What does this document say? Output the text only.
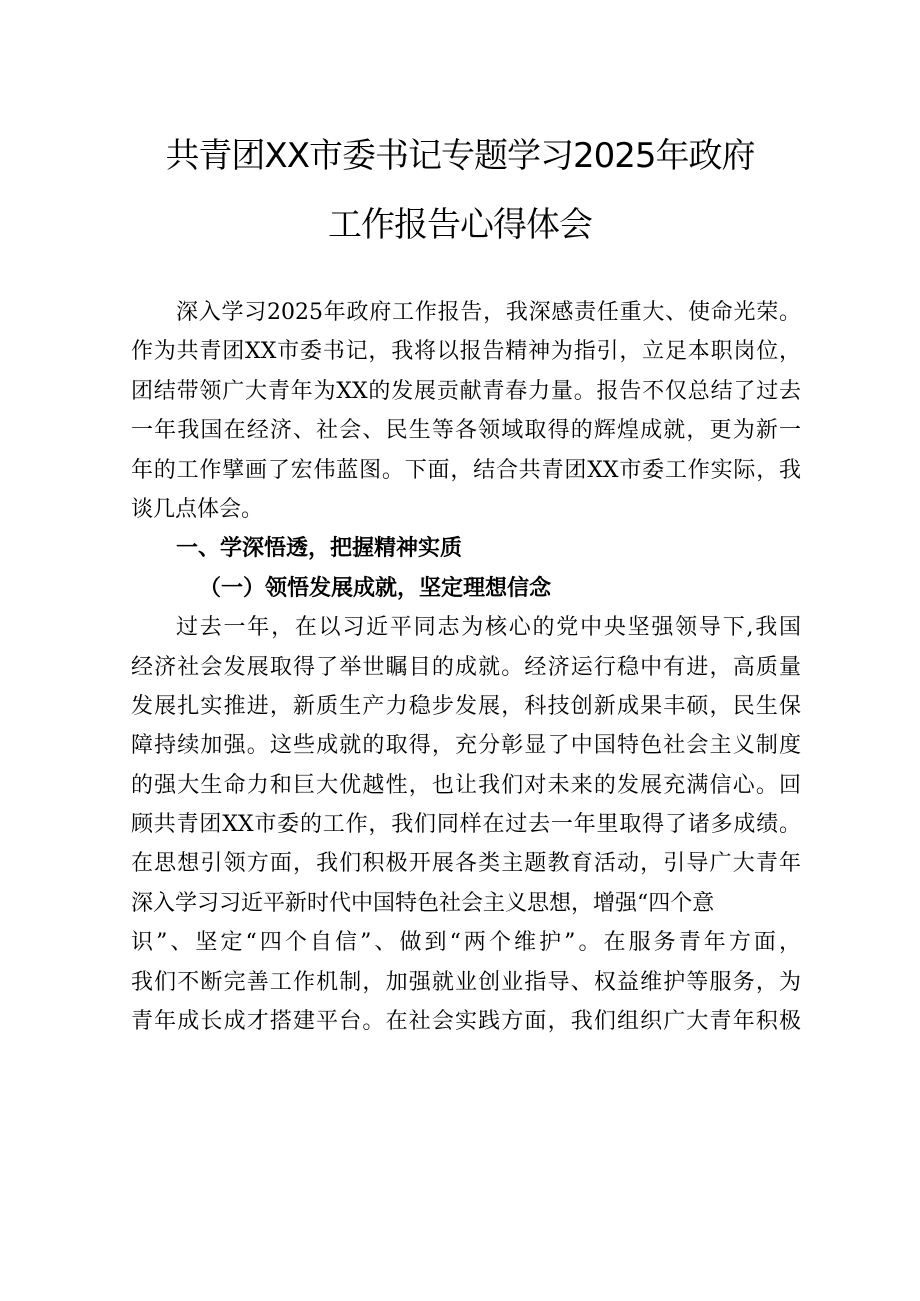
共青团XX市委书记专题学习2025年政府
工作报告心得体会
深入学习2025年政府工作报告，我深感责任重大、使命光荣。
作为共青团XX市委书记，我将以报告精神为指引，立足本职岗位，
团结带领广大青年为XX的发展贡献青春力量。报告不仅总结了过去
一年我国在经济、社会、民生等各领域取得的辉煌成就，更为新一
年的工作擘画了宏伟蓝图。下面，结合共青团XX市委工作实际，我
谈几点体会。
一、学深悟透，把握精神实质
（一）领悟发展成就，坚定理想信念
过去一年，在以习近平同志为核心的党中央坚强领导下,我国
经济社会发展取得了举世瞩目的成就。经济运行稳中有进，高质量
发展扎实推进，新质生产力稳步发展，科技创新成果丰硕，民生保
障持续加强。这些成就的取得，充分彰显了中国特色社会主义制度
的强大生命力和巨大优越性，也让我们对未来的发展充满信心。回
顾共青团XX市委的工作，我们同样在过去一年里取得了诸多成绩。
在思想引领方面，我们积极开展各类主题教育活动，引导广大青年
深入学习习近平新时代中国特色社会主义思想，增强“四个意
识”、坚定“四个自信”、做到“两个维护”。在服务青年方面，
我们不断完善工作机制，加强就业创业指导、权益维护等服务，为
青年成长成才搭建平台。在社会实践方面，我们组织广大青年积极
